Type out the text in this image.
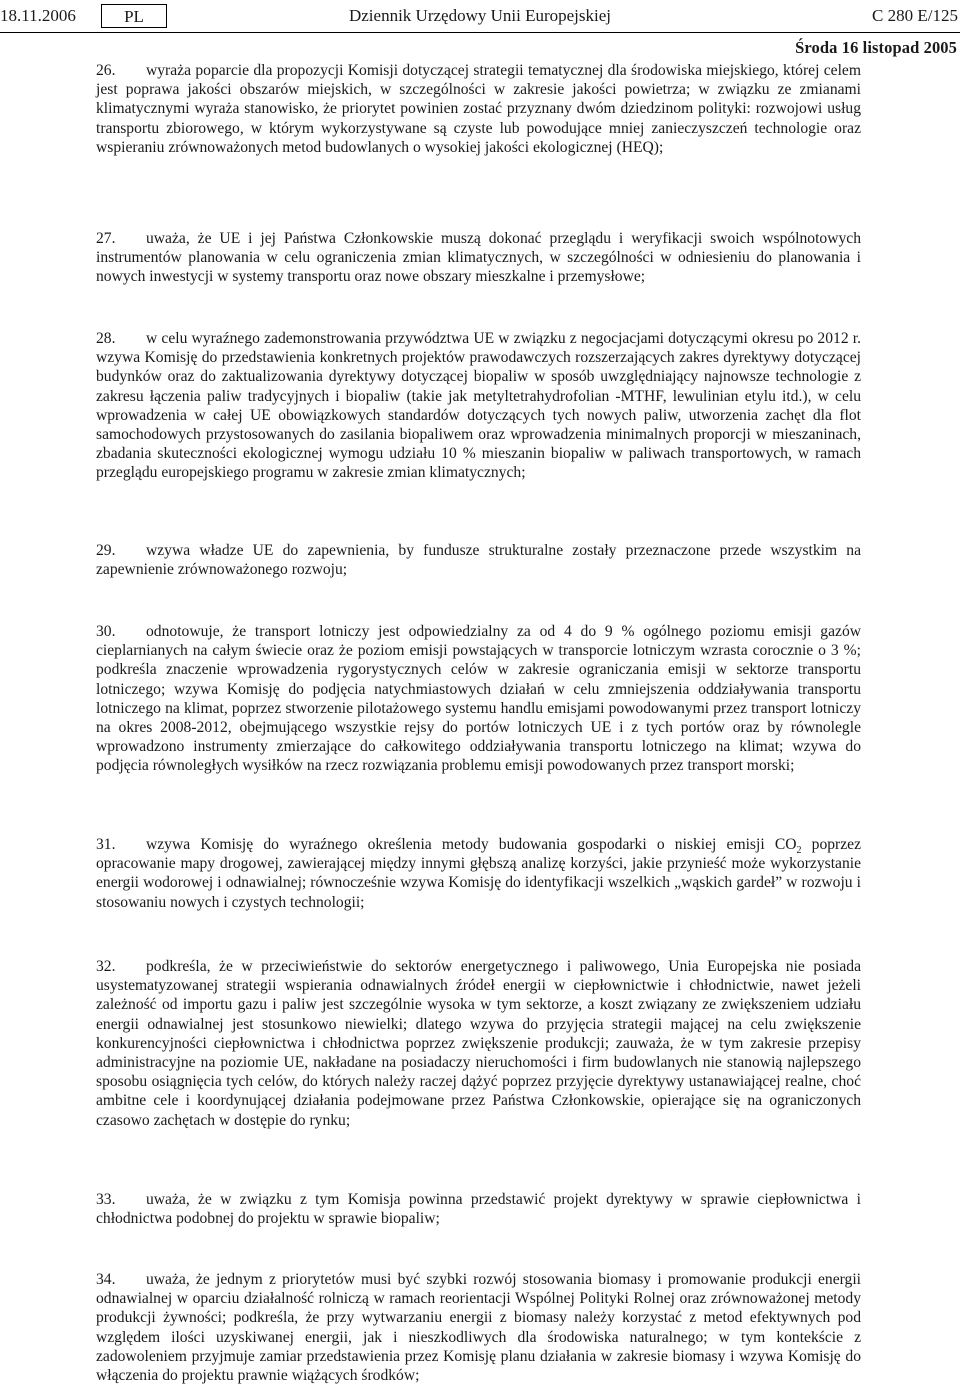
Dziennik Urzędowy Unii Europejskiej
18.11.2006	PL	C 280 E/125
Środa 16 listopad 2005

26. wyraża poparcie dla propozycji Komisji dotyczącej strategii tematycznej dla środowiska miejskiego, której celem jest poprawa jakości obszarów miejskich, w szczególności w zakresie jakości powietrza; w związku ze zmianami klimatycznymi wyraża stanowisko, że priorytet powinien zostać przyznany dwóm dziedzinom polityki: rozwojowi usług transportu zbiorowego, w którym wykorzystywane są czyste lub powodujące mniej zanieczyszczeń technologie oraz wspieraniu zrównoważonych metod budowlanych o wysokiej jakości ekologicznej (HEQ);

27. uważa, że UE i jej Państwa Członkowskie muszą dokonać przeglądu i weryfikacji swoich wspólnotowych instrumentów planowania w celu ograniczenia zmian klimatycznych, w szczególności w odniesieniu do planowania i nowych inwestycji w systemy transportu oraz nowe obszary mieszkalne i przemysłowe;

28. w celu wyraźnego zademonstrowania przywództwa UE w związku z negocjacjami dotyczącymi okresu po 2012 r. wzywa Komisję do przedstawienia konkretnych projektów prawodawczych rozszerzających zakres dyrektywy dotyczącej budynków oraz do zaktualizowania dyrektywy dotyczącej biopaliw w sposób uwzględniający najnowsze technologie z zakresu łączenia paliw tradycyjnych i biopaliw (takie jak metyltetrahydrofolian -MTHF, lewulinian etylu itd.), w celu wprowadzenia w całej UE obowiązkowych standardów dotyczących tych nowych paliw, utworzenia zachęt dla flot samochodowych przystosowanych do zasilania biopaliwem oraz wprowadzenia minimalnych proporcji w mieszaninach, zbadania skuteczności ekologicznej wymogu udziału 10 % mieszanin biopaliw w paliwach transportowych, w ramach przeglądu europejskiego programu w zakresie zmian klimatycznych;

29. wzywa władze UE do zapewnienia, by fundusze strukturalne zostały przeznaczone przede wszystkim na zapewnienie zrównoważonego rozwoju;

30. odnotowuje, że transport lotniczy jest odpowiedzialny za od 4 do 9 % ogólnego poziomu emisji gazów cieplarnianych na całym świecie oraz że poziom emisji powstających w transporcie lotniczym wzrasta corocznie o 3 %; podkreśla znaczenie wprowadzenia rygorystycznych celów w zakresie ograniczania emisji w sektorze transportu lotniczego; wzywa Komisję do podjęcia natychmiastowych działań w celu zmniejszenia oddziaływania transportu lotniczego na klimat, poprzez stworzenie pilotażowego systemu handlu emisjami powodowanymi przez transport lotniczy na okres 2008-2012, obejmującego wszystkie rejsy do portów lotniczych UE i z tych portów oraz by równolegle wprowadzono instrumenty zmierzające do całkowitego oddziaływania transportu lotniczego na klimat; wzywa do podjęcia równoległych wysiłków na rzecz rozwiązania problemu emisji powodowanych przez transport morski;

31. wzywa Komisję do wyraźnego określenia metody budowania gospodarki o niskiej emisji $CO_2$ poprzez opracowanie mapy drogowej, zawierającej między innymi głębszą analizę korzyści, jakie przynieść może wykorzystanie energii wodorowej i odnawialnej; równocześnie wzywa Komisję do identyfikacji wszelkich „wąskich gardeł” w rozwoju i stosowaniu nowych i czystych technologii;

32. podkreśla, że w przeciwieństwie do sektorów energetycznego i paliwowego, Unia Europejska nie posiada usystematyzowanej strategii wspierania odnawialnych źródeł energii w ciepłownictwie i chłodnictwie, nawet jeżeli zależność od importu gazu i paliw jest szczególnie wysoka w tym sektorze, a koszt związany ze zwiększeniem udziału energii odnawialnej jest stosunkowo niewielki; dlatego wzywa do przyjęcia strategii mającej na celu zwiększenie konkurencyjności ciepłownictwa i chłodnictwa poprzez zwiększenie produkcji; zauważa, że w tym zakresie przepisy administracyjne na poziomie UE, nakładane na posiadaczy nieruchomości i firm budowlanych nie stanowią najlepszego sposobu osiągnięcia tych celów, do których należy raczej dążyć poprzez przyjęcie dyrektywy ustanawiającej realne, choć ambitne cele i koordynującej działania podejmowane przez Państwa Członkowskie, opierające się na ograniczonych czasowo zachętach w dostępie do rynku;

33. uważa, że w związku z tym Komisja powinna przedstawić projekt dyrektywy w sprawie ciepłownictwa i chłodnictwa podobnej do projektu w sprawie biopaliw;

34. uważa, że jednym z priorytetów musi być szybki rozwój stosowania biomasy i promowanie produkcji energii odnawialnej w oparciu działalność rolniczą w ramach reorientacji Wspólnej Polityki Rolnej oraz zrównoważonej metody produkcji żywności; podkreśla, że przy wytwarzaniu energii z biomasy należy korzystać z metod efektywnych pod względem ilości uzyskiwanej energii, jak i nieszkodliwych dla środowiska naturalnego; w tym kontekście z zadowoleniem przyjmuje zamiar przedstawienia przez Komisję planu działania w zakresie biomasy i wzywa Komisję do włączenia do projektu prawnie wiążących środków;
